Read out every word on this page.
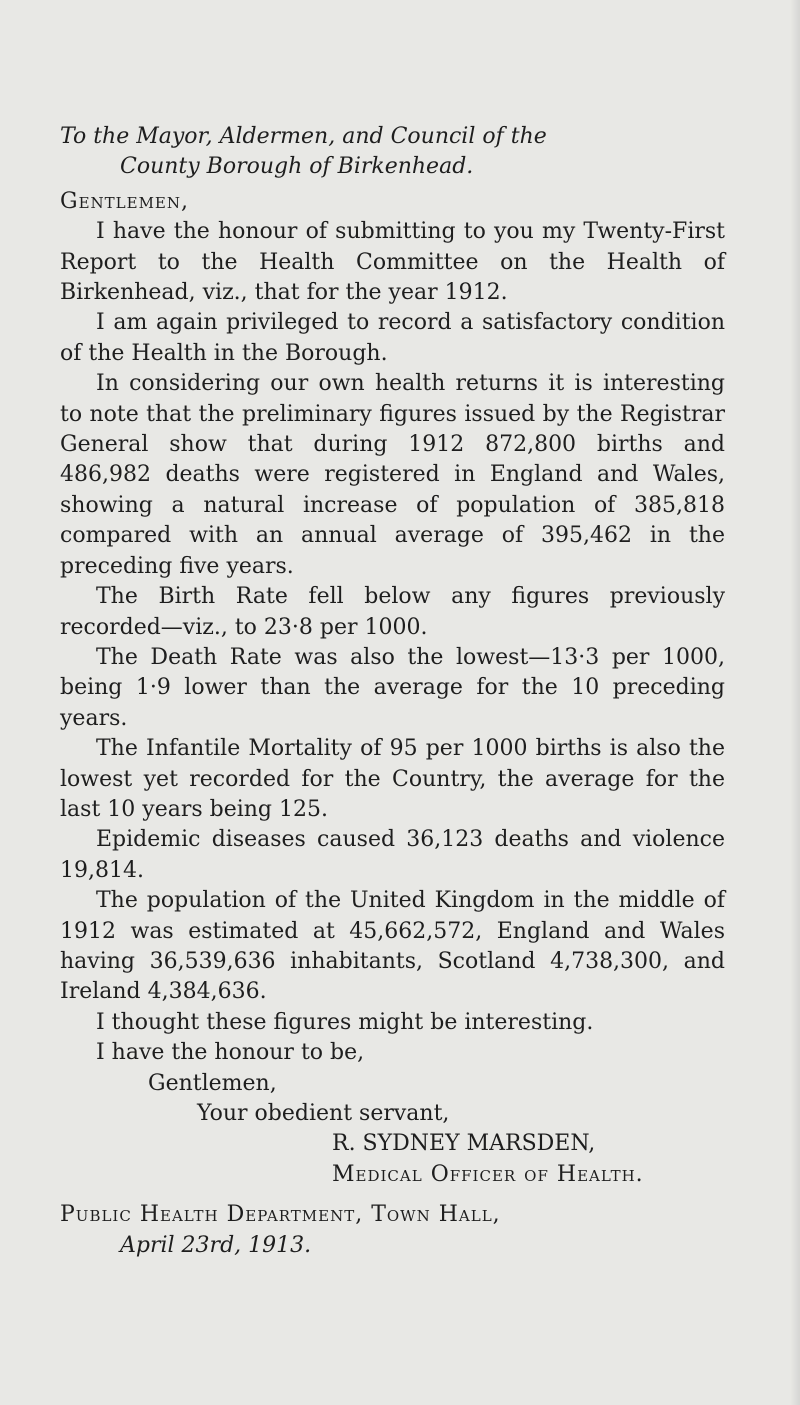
To the Mayor, Aldermen, and Council of the
County Borough of Birkenhead.
Gentlemen,

I have the honour of submitting to you my Twenty-First Report to the Health Committee on the Health of Birkenhead, viz., that for the year 1912.

I am again privileged to record a satisfactory condition of the Health in the Borough.

In considering our own health returns it is interesting to note that the preliminary figures issued by the Registrar General show that during 1912 872,800 births and 486,982 deaths were registered in England and Wales, showing a natural increase of population of 385,818 compared with an annual average of 395,462 in the preceding five years.

The Birth Rate fell below any figures previously recorded—viz., to 23·8 per 1000.

The Death Rate was also the lowest—13·3 per 1000, being 1·9 lower than the average for the 10 preceding years.

The Infantile Mortality of 95 per 1000 births is also the lowest yet recorded for the Country, the average for the last 10 years being 125.

Epidemic diseases caused 36,123 deaths and violence 19,814.

The population of the United Kingdom in the middle of 1912 was estimated at 45,662,572, England and Wales having 36,539,636 inhabitants, Scotland 4,738,300, and Ireland 4,384,636.

I thought these figures might be interesting.

I have the honour to be,
Gentlemen,
Your obedient servant,
R. SYDNEY MARSDEN,
Medical Officer of Health.
Public Health Department, Town Hall,
April 23rd, 1913.
